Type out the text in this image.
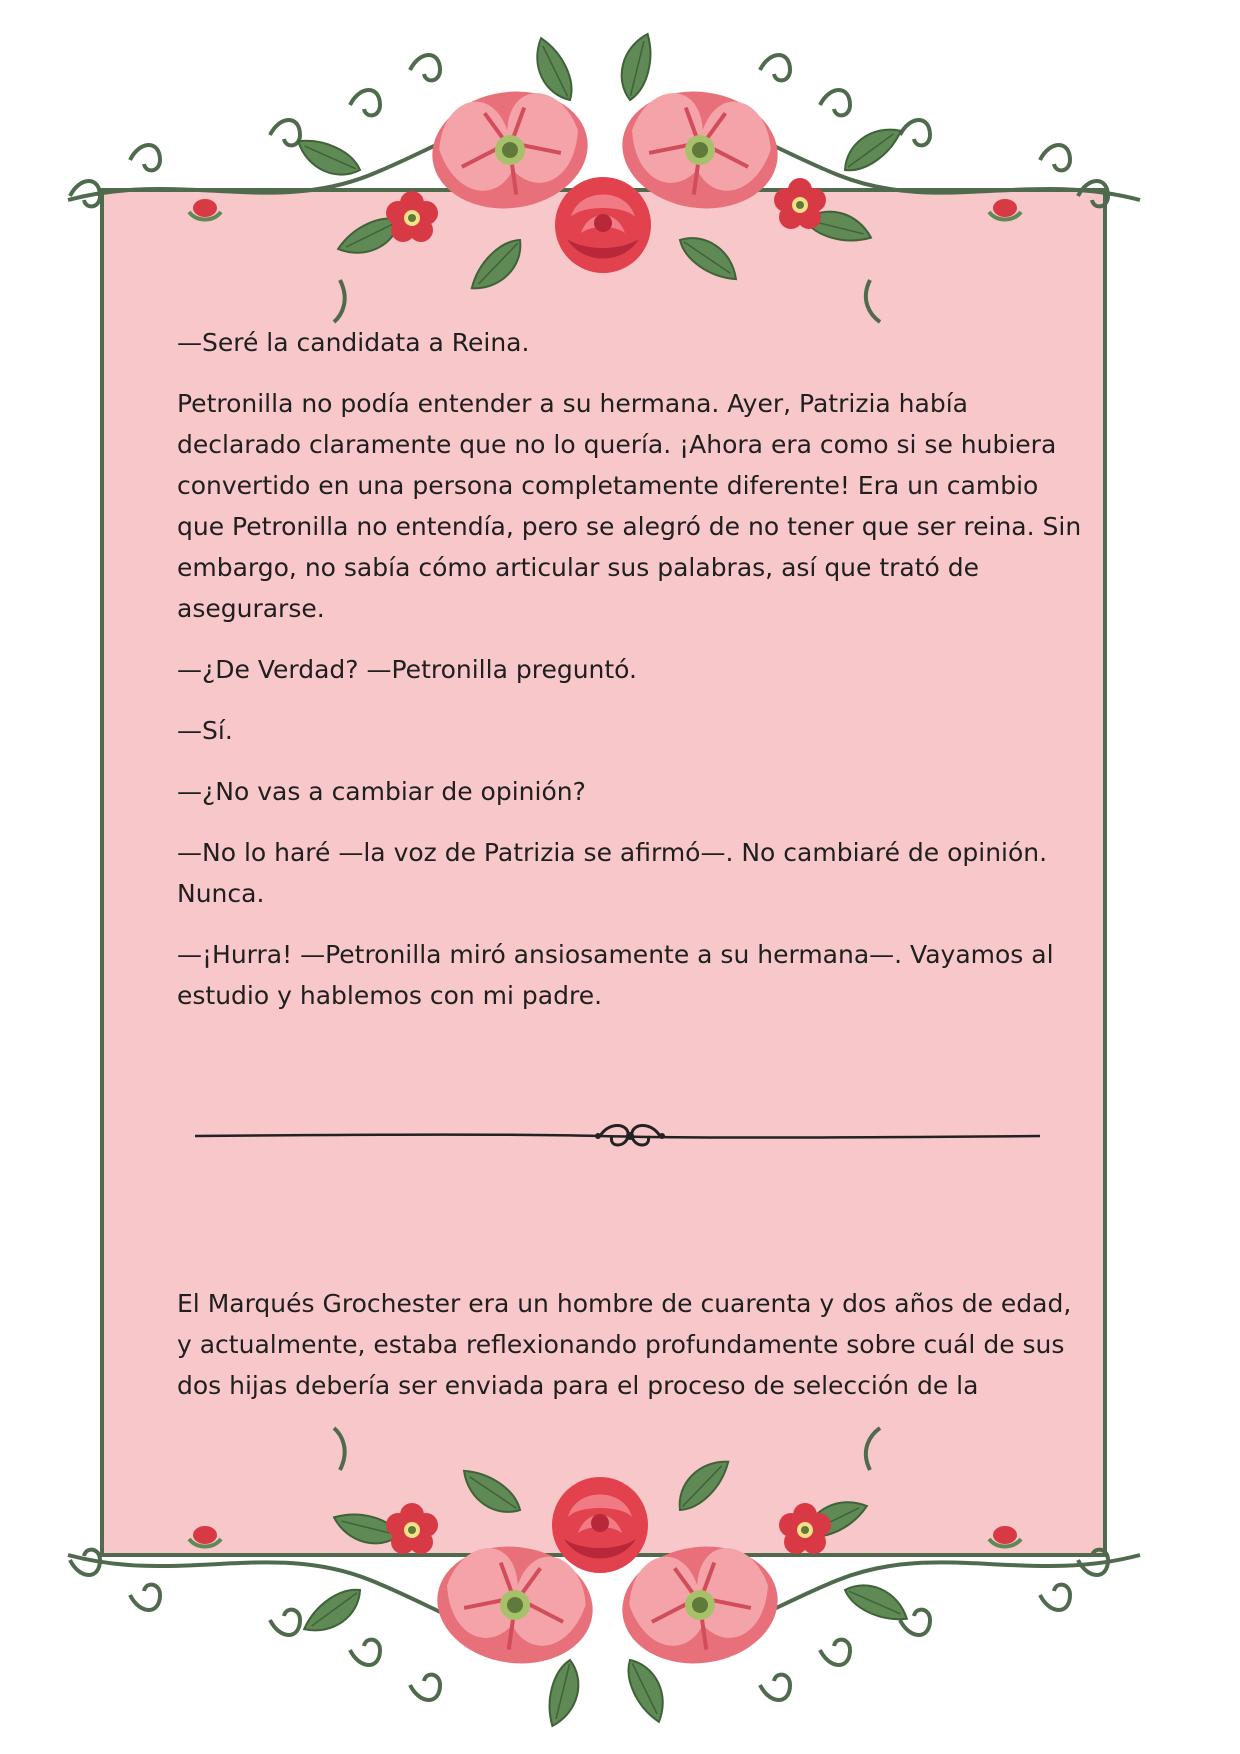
—Seré la candidata a Reina.

Petronilla no podía entender a su hermana. Ayer, Patrizia había declarado claramente que no lo quería. ¡Ahora era como si se hubiera convertido en una persona completamente diferente! Era un cambio que Petronilla no entendía, pero se alegró de no tener que ser reina. Sin embargo, no sabía cómo articular sus palabras, así que trató de asegurarse.

—¿De Verdad? —Petronilla preguntó.

—Sí.

—¿No vas a cambiar de opinión?

—No lo haré —la voz de Patrizia se afirmó—. No cambiaré de opinión. Nunca.

—¡Hurra! —Petronilla miró ansiosamente a su hermana—. Vayamos al estudio y hablemos con mi padre.

El Marqués Grochester era un hombre de cuarenta y dos años de edad, y actualmente, estaba reflexionando profundamente sobre cuál de sus dos hijas debería ser enviada para el proceso de selección de la
